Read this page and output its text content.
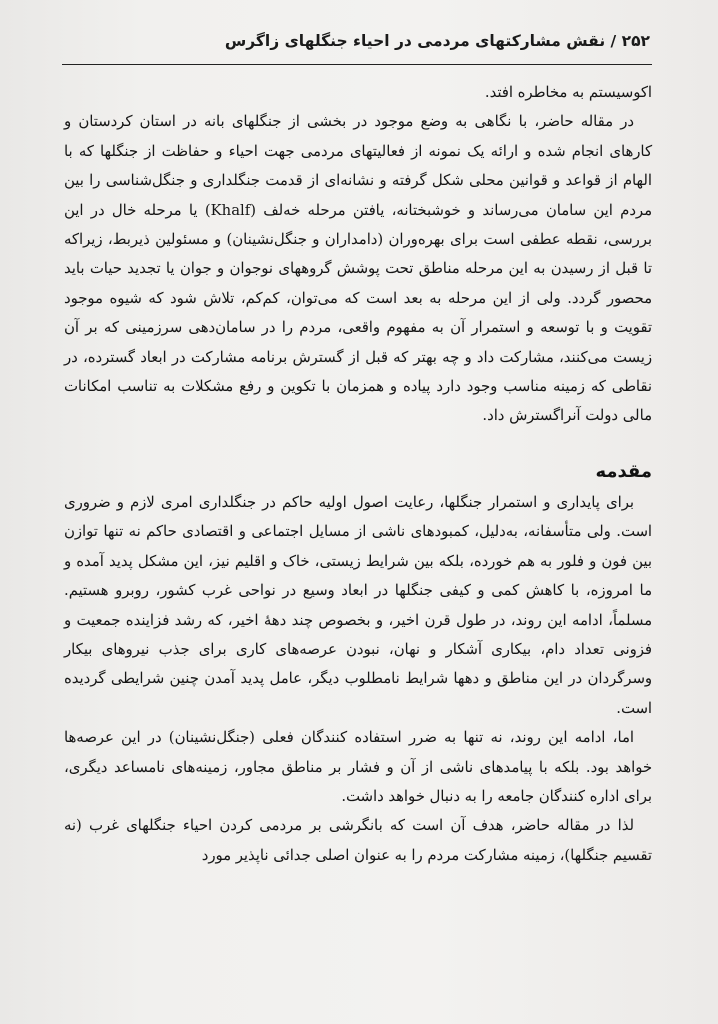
۲۵۲ / نقش مشارکتهای مردمی در احیاء جنگلهای زاگرس

اکوسیستم به مخاطره افتد.

در مقاله حاضر، با نگاهی به وضع موجود در بخشی از جنگلهای بانه در استان کردستان و کارهای انجام شده و ارائه یک نمونه از فعالیتهای مردمی جهت احیاء و حفاظت از جنگلها که با الهام از قواعد و قوانین محلی شکل گرفته و نشانه‌ای از قدمت جنگلداری و جنگل‌شناسی را بین مردم این سامان می‌رساند و خوشبختانه، یافتن مرحله خه‌لف (Khalf) یا مرحله خال در این بررسی، نقطه عطفی است برای بهره‌وران (دامداران و جنگل‌نشینان) و مسئولین ذیربط، زیراکه تا قبل از رسیدن به این مرحله مناطق تحت پوشش گروههای نوجوان و جوان یا تجدید حیات باید محصور گردد. ولی از این مرحله به بعد است که می‌توان، کم‌کم، تلاش شود که شیوه موجود تقویت و با توسعه و استمرار آن به مفهوم واقعی، مردم را در سامان‌دهی سرزمینی که بر آن زیست می‌کنند، مشارکت داد و چه بهتر که قبل از گسترش برنامه مشارکت در ابعاد گسترده، در نقاطی که زمینه مناسب وجود دارد پیاده و همزمان با تکوین و رفع مشکلات به تناسب امکانات مالی دولت آنراگسترش داد.

مقدمه

برای پایداری و استمرار جنگلها، رعایت اصول اولیه حاکم در جنگلداری امری لازم و ضروری است. ولی متأسفانه، به‌دلیل، کمبودهای ناشی از مسایل اجتماعی و اقتصادی حاکم نه تنها توازن بین فون و فلور به هم خورده، بلکه بین شرایط زیستی، خاک و اقلیم نیز، این مشکل پدید آمده و ما امروزه، با کاهش کمی و کیفی جنگلها در ابعاد وسیع در نواحی غرب کشور، روبرو هستیم. مسلماً، ادامه این روند، در طول قرن اخیر، و بخصوص چند دههٔ اخیر، که رشد فزاینده جمعیت و فزونی تعداد دام، بیکاری آشکار و نهان، نبودن عرصه‌های کاری برای جذب نیروهای بیکار وسرگردان در این مناطق و دهها شرایط نامطلوب دیگر، عامل پدید آمدن چنین شرایطی گردیده است.

اما، ادامه این روند، نه تنها به ضرر استفاده کنندگان فعلی (جنگل‌نشینان) در این عرصه‌ها خواهد بود. بلکه با پیامدهای ناشی از آن و فشار بر مناطق مجاور، زمینه‌های نامساعد دیگری، برای اداره کنندگان جامعه را به دنبال خواهد داشت.

لذا در مقاله حاضر، هدف آن است که بانگرشی بر مردمی کردن احیاء جنگلهای غرب (نه تقسیم جنگلها)، زمینه مشارکت مردم را به عنوان اصلی جدائی ناپذیر مورد
